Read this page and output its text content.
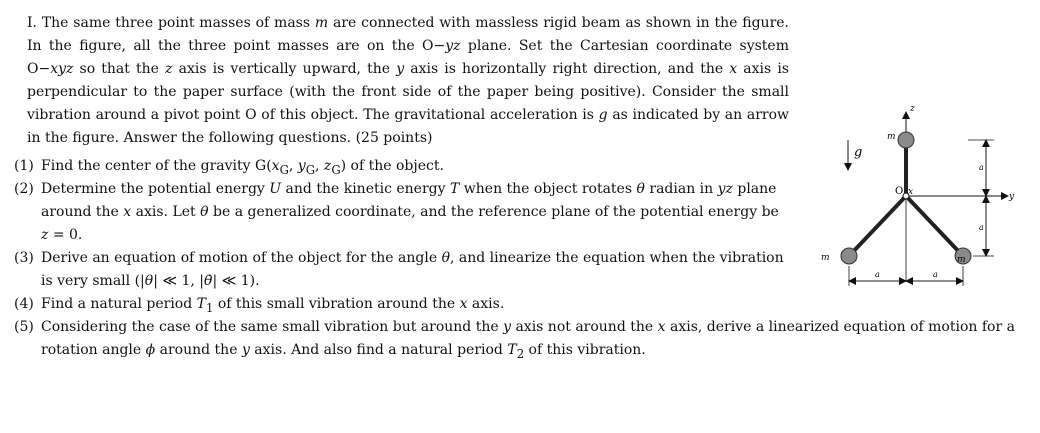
I. The same three point masses of mass m are connected with massless rigid beam as shown in the figure. In the figure, all the three point masses are on the O−yz plane. Set the Cartesian coordinate system O−xyz so that the z axis is vertically upward, the y axis is horizontally right direction, and the x axis is perpendicular to the paper surface (with the front side of the paper being positive). Consider the small vibration around a pivot point O of this object. The gravitational acceleration is g as indicated by an arrow in the figure. Answer the following questions. (25 points)

(1) Find the center of the gravity $G(x_G$, $y_G$, $z_G$) of the object.
(2) Determine the potential energy U and the kinetic energy T when the object rotates θ radian in yz plane around the x axis. Let θ be a generalized coordinate, and the reference plane of the potential energy be z = 0.
(3) Derive an equation of motion of the object for the angle θ, and linearize the equation when the vibration is very small (|θ| ≪ 1, |θ̇| ≪ 1).
(4) Find a natural period $T_1$ of this small vibration around the x axis.
(5) Considering the case of the same small vibration but around the y axis not around the x axis, derive a linearized equation of motion for a rotation angle ϕ around the y axis. And also find a natural period $T_2$ of this vibration.
g
y
z
m
m	m
O x
a
a
a	a
